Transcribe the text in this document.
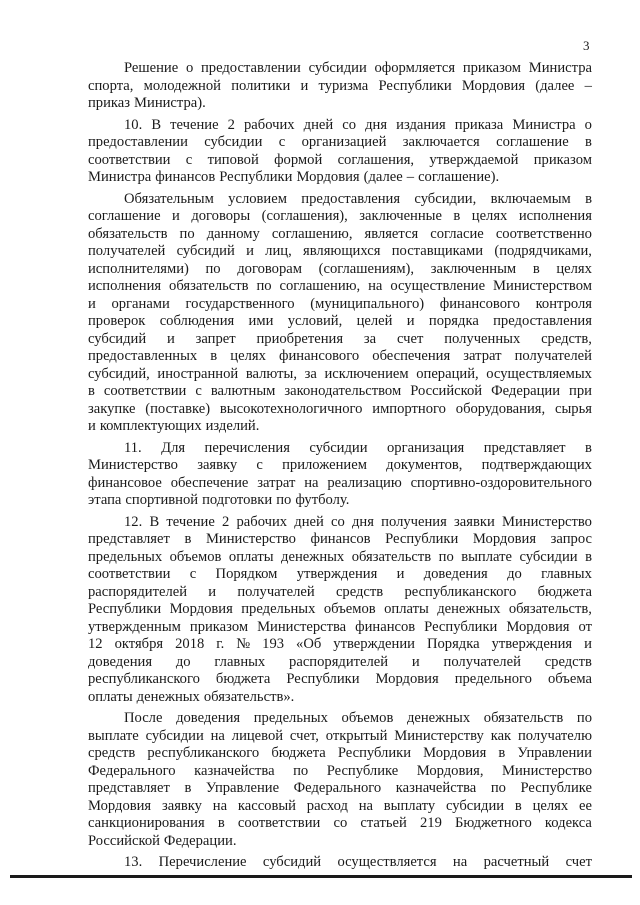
3
Решение о предоставлении субсидии оформляется приказом Министра
спорта, молодежной политики и туризма Республики Мордовия (далее –
приказ Министра).
10. В течение 2 рабочих дней со дня издания приказа Министра о
предоставлении субсидии с организацией заключается соглашение в
соответствии с типовой формой соглашения, утверждаемой приказом
Министра финансов Республики Мордовия (далее – соглашение).
Обязательным условием предоставления субсидии, включаемым в
соглашение и договоры (соглашения), заключенные в целях исполнения
обязательств по данному соглашению, является согласие соответственно
получателей субсидий и лиц, являющихся поставщиками (подрядчиками,
исполнителями) по договорам (соглашениям), заключенным в целях
исполнения обязательств по соглашению, на осуществление Министерством
и органами государственного (муниципального) финансового контроля
проверок соблюдения ими условий, целей и порядка предоставления
субсидий и запрет приобретения за счет полученных средств,
предоставленных в целях финансового обеспечения затрат получателей
субсидий, иностранной валюты, за исключением операций, осуществляемых
в соответствии с валютным законодательством Российской Федерации при
закупке (поставке) высокотехнологичного импортного оборудования, сырья
и комплектующих изделий.
11. Для перечисления субсидии организация представляет в
Министерство заявку с приложением документов, подтверждающих
финансовое обеспечение затрат на реализацию спортивно-оздоровительного
этапа спортивной подготовки по футболу.
12. В течение 2 рабочих дней со дня получения заявки Министерство
представляет в Министерство финансов Республики Мордовия запрос
предельных объемов оплаты денежных обязательств по выплате субсидии в
соответствии с Порядком утверждения и доведения до главных
распорядителей и получателей средств республиканского бюджета
Республики Мордовия предельных объемов оплаты денежных обязательств,
утвержденным приказом Министерства финансов Республики Мордовия от
12 октября 2018 г. № 193 «Об утверждении Порядка утверждения и
доведения до главных распорядителей и получателей средств
республиканского бюджета Республики Мордовия предельного объема
оплаты денежных обязательств».
После доведения предельных объемов денежных обязательств по
выплате субсидии на лицевой счет, открытый Министерству как получателю
средств республиканского бюджета Республики Мордовия в Управлении
Федерального казначейства по Республике Мордовия, Министерство
представляет в Управление Федерального казначейства по Республике
Мордовия заявку на кассовый расход на выплату субсидии в целях ее
санкционирования в соответствии со статьей 219 Бюджетного кодекса
Российской Федерации.
13. Перечисление субсидий осуществляется на расчетный счет
